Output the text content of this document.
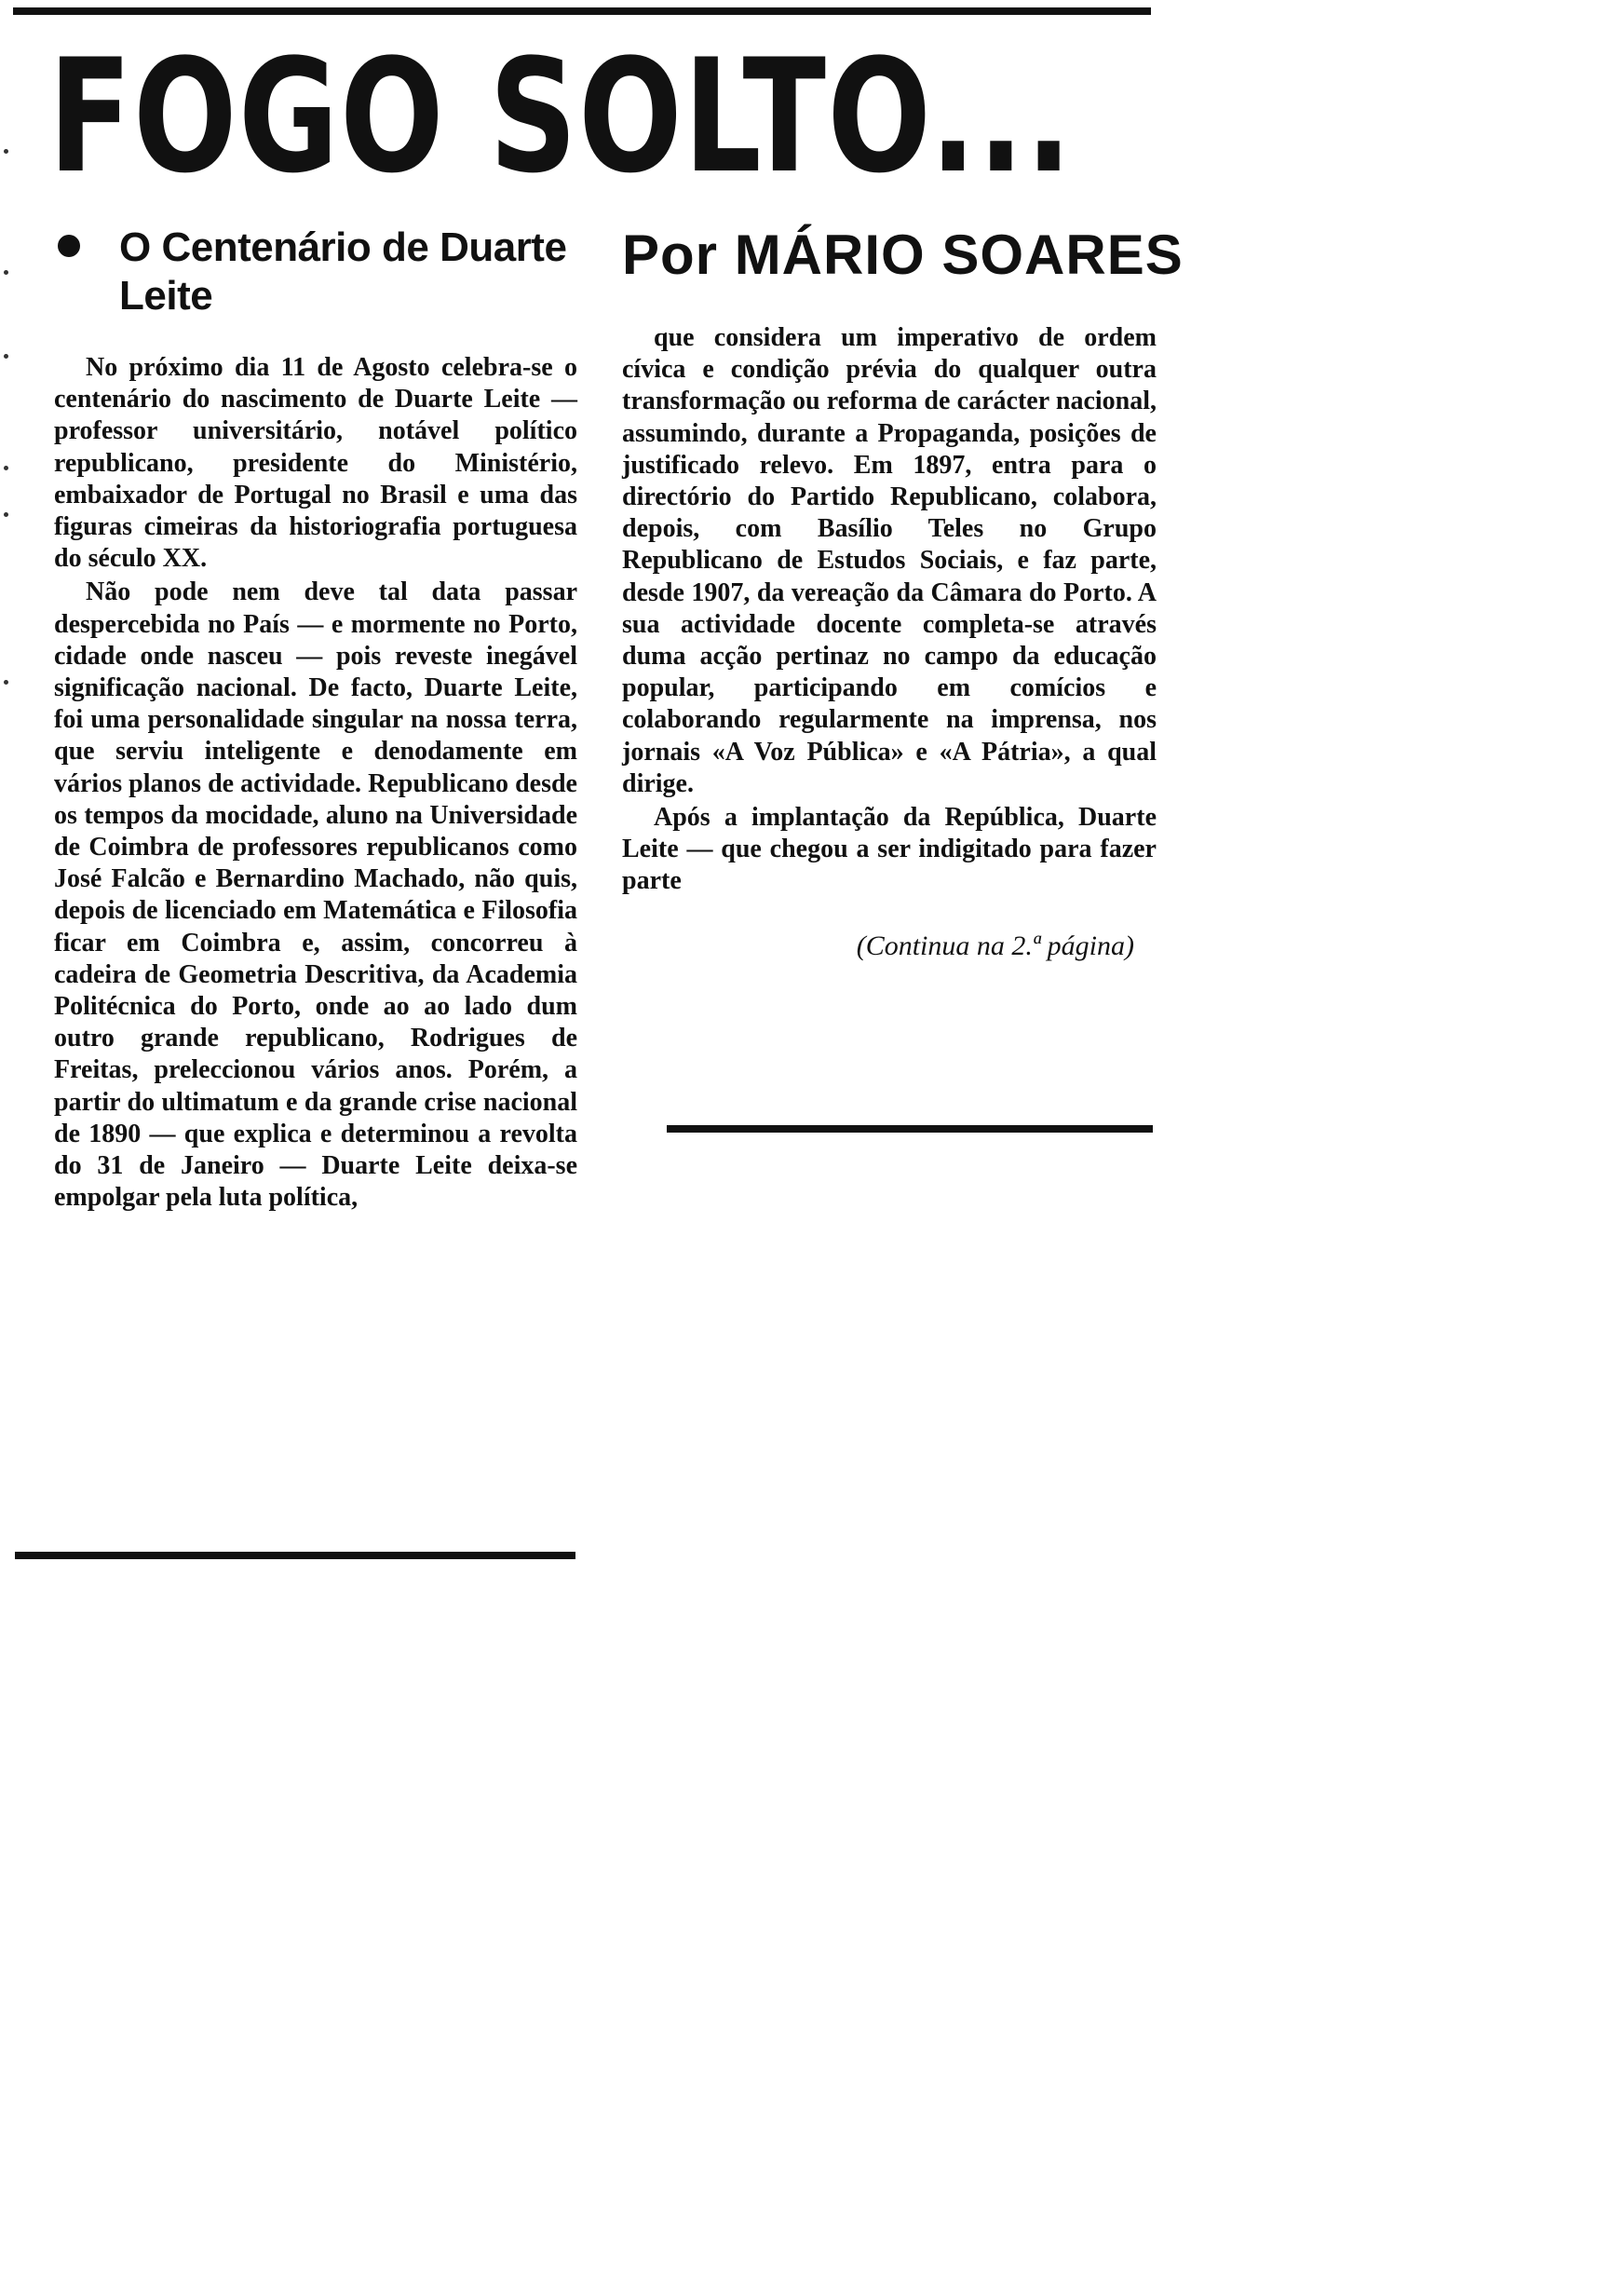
FOGO SOLTO...
O Centenário de Duarte Leite

No próximo dia 11 de Agosto celebra-se o centenário do nascimento de Duarte Leite — professor universitário, notável político republicano, presidente do Ministério, embaixador de Portugal no Brasil e uma das figuras cimeiras da historiografia portuguesa do século XX.

Não pode nem deve tal data passar despercebida no País — e mormente no Porto, cidade onde nasceu — pois reveste inegável significação nacional. De facto, Duarte Leite, foi uma personalidade singular na nossa terra, que serviu inteligente e denodamente em vários planos de actividade. Republicano desde os tempos da mocidade, aluno na Universidade de Coimbra de professores republicanos como José Falcão e Bernardino Machado, não quis, depois de licenciado em Matemática e Filosofia ficar em Coimbra e, assim, concorreu à cadeira de Geometria Descritiva, da Academia Politécnica do Porto, onde ao ao lado dum outro grande republicano, Rodrigues de Freitas, preleccionou vários anos. Porém, a partir do ultimatum e da grande crise nacional de 1890 — que explica e determinou a revolta do 31 de Janeiro — Duarte Leite deixa-se empolgar pela luta política,

Por MÁRIO SOARES

que considera um imperativo de ordem cívica e condição prévia do qualquer outra transformação ou reforma de carácter nacional, assumindo, durante a Propaganda, posições de justificado relevo. Em 1897, entra para o directório do Partido Republicano, colabora, depois, com Basílio Teles no Grupo Republicano de Estudos Sociais, e faz parte, desde 1907, da vereação da Câmara do Porto. A sua actividade docente completa-se através duma acção pertinaz no campo da educação popular, participando em comícios e colaborando regularmente na imprensa, nos jornais «A Voz Pública» e «A Pátria», a qual dirige.

Após a implantação da República, Duarte Leite — que chegou a ser indigitado para fazer parte

(Continua na 2.ª página)
